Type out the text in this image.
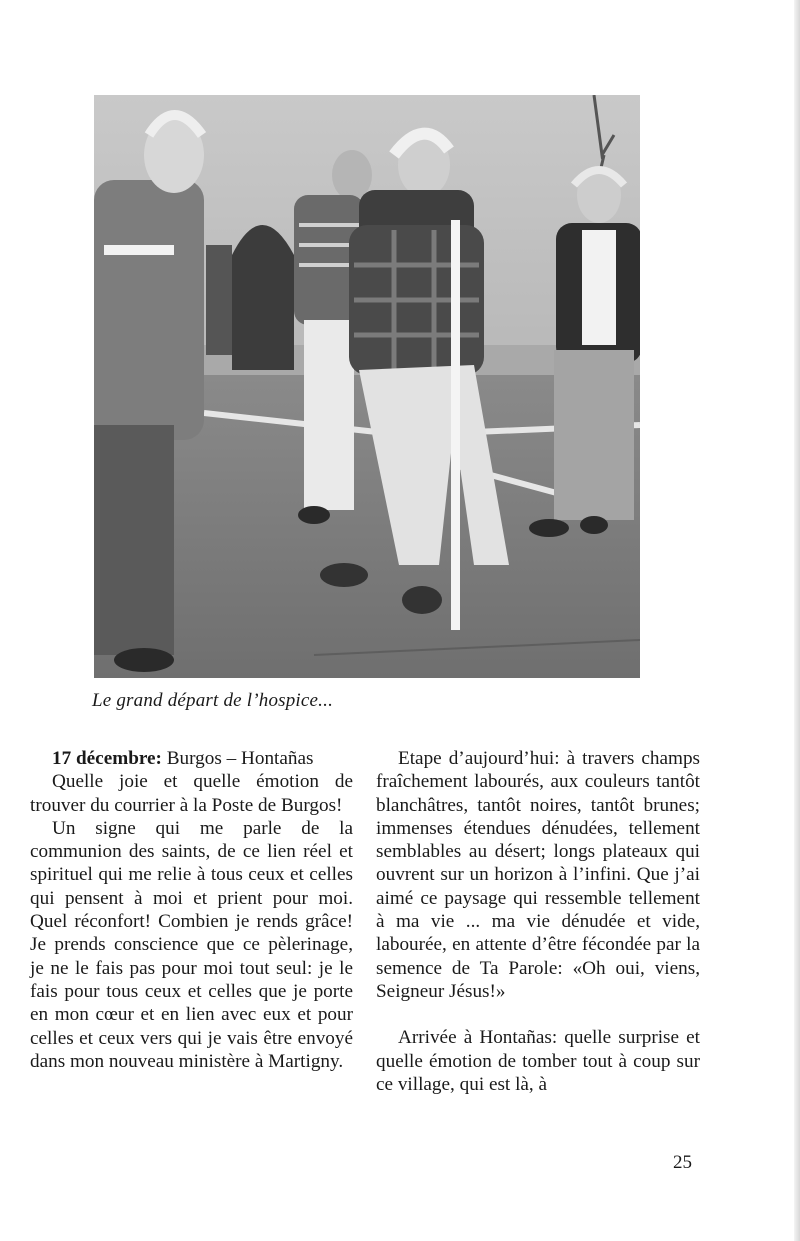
Le grand départ de l’hospice...

17 décembre: Burgos – Hontañas

Quelle joie et quelle émotion de trouver du courrier à la Poste de Burgos!

Un signe qui me parle de la communion des saints, de ce lien réel et spirituel qui me relie à tous ceux et celles qui pensent à moi et prient pour moi. Quel réconfort! Combien je rends grâce! Je prends conscience que ce pèlerinage, je ne le fais pas pour moi tout seul: je le fais pour tous ceux et celles que je porte en mon cœur et en lien avec eux et pour celles et ceux vers qui je vais être envoyé dans mon nouveau ministère à Martigny.

Etape d’aujourd’hui: à travers champs fraîchement labourés, aux couleurs tantôt blanchâtres, tantôt noires, tantôt brunes; immenses étendues dénudées, tellement semblables au désert; longs plateaux qui ouvrent sur un horizon à l’infini. Que j’ai aimé ce paysage qui ressemble tellement à ma vie ... ma vie dénudée et vide, labourée, en attente d’être fécondée par la semence de Ta Parole: «Oh oui, viens, Seigneur Jésus!»

Arrivée à Hontañas: quelle surprise et quelle émotion de tomber tout à coup sur ce village, qui est là, à

25
